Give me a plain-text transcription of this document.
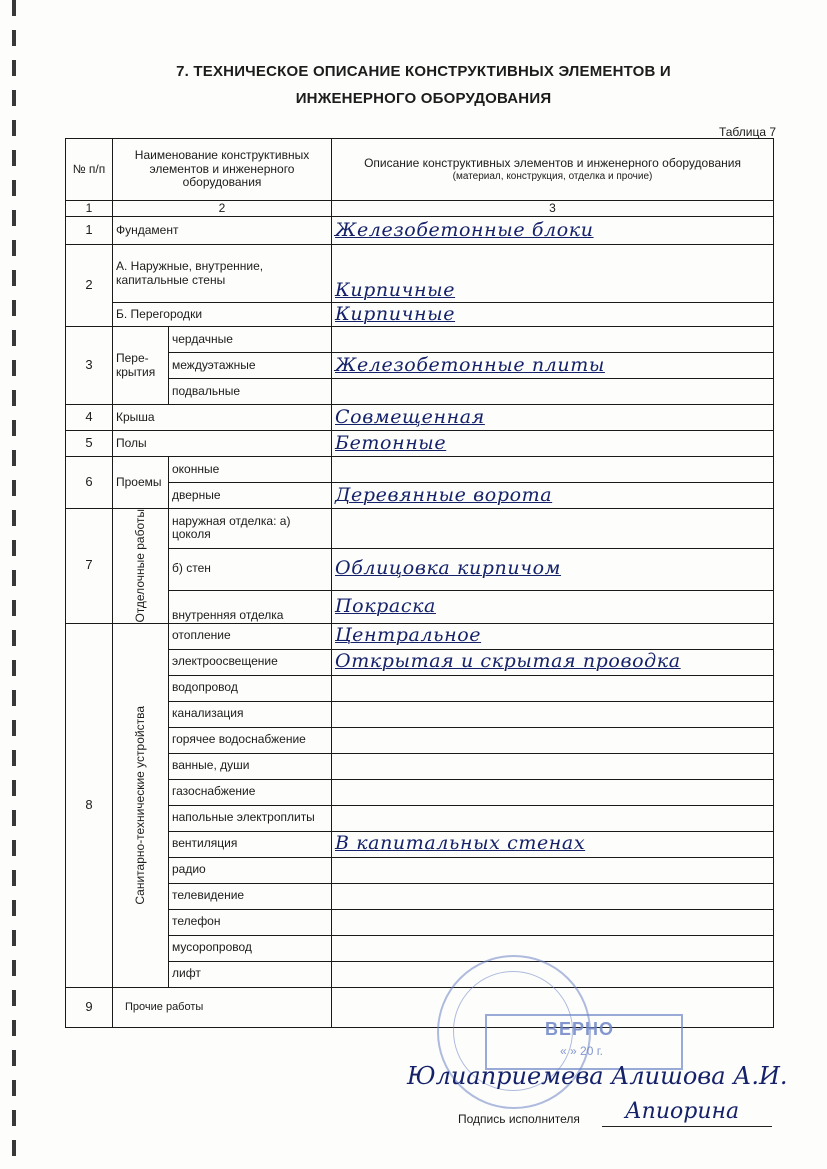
7. ТЕХНИЧЕСКОЕ ОПИСАНИЕ КОНСТРУКТИВНЫХ ЭЛЕМЕНТОВ И
ИНЖЕНЕРНОГО ОБОРУДОВАНИЯ
Таблица 7
№ п/п	Наименование конструктивных элементов и инженерного оборудования		Описание конструктивных элементов и инженерного оборудования
(материал, конструкция, отделка и прочие)

1	2		3
1	Фундамент		Железобетонные блоки
2	А. Наружные, внутренние, капитальные стены		Кирпичные
	Б. Перегородки		Кирпичные
3	Пере-крытия	чердачные	
		междуэтажные	Железобетонные плиты
		подвальные	
4	Крыша		Совмещенная
5	Полы		Бетонные
6	Проемы	оконные	
		дверные	Деревянные ворота
7	Отделочные работы	наружная отделка: а) цоколя	
		б) стен	Облицовка кирпичом
		внутренняя отделка	Покраска
8	Санитарно-технические устройства	отопление	Центральное
		электроосвещение	Открытая и скрытая проводка
		водопровод	
		канализация	
		горячее водоснабжение	
		ванные, души	
		газоснабжение	
		напольные электроплиты	
		вентиляция	В капитальных стенах
		радио	
		телевидение	
		телефон	
		мусоропровод	
		лифт	
9	Прочие работы		
ВЕРНО
« » 20 г.
Юлиаприемева Алишова А.И.
Подпись исполнителя Апиорина
